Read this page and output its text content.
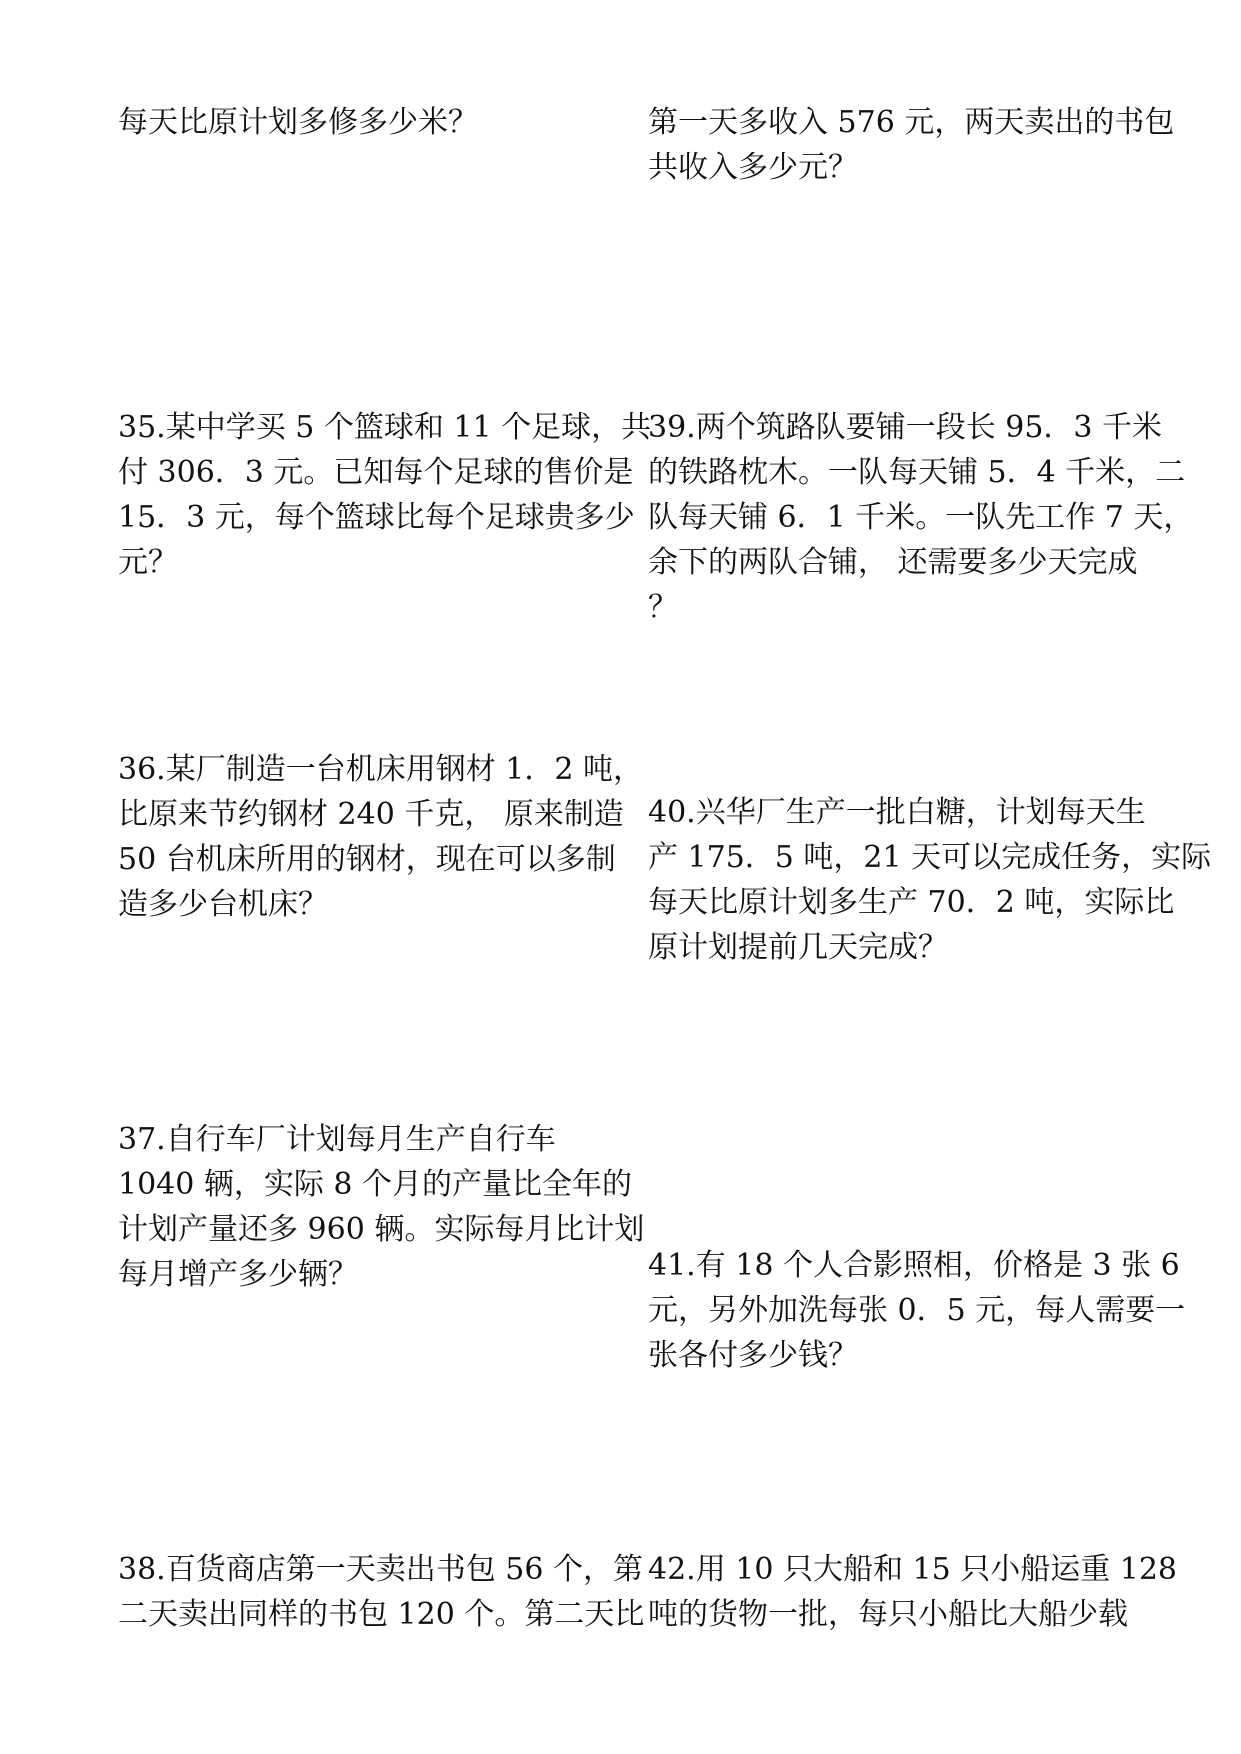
每天比原计划多修多少米？
35.某中学买 5 个篮球和 11 个足球，共
付 306．3 元。已知每个足球的售价是
15．3 元，每个篮球比每个足球贵多少
元？
36.某厂制造一台机床用钢材 1．2 吨，
比原来节约钢材 240 千克， 原来制造
50 台机床所用的钢材，现在可以多制
造多少台机床？
37.自行车厂计划每月生产自行车
1040 辆，实际 8 个月的产量比全年的
计划产量还多 960 辆。实际每月比计划
每月增产多少辆？
38.百货商店第一天卖出书包 56 个，第
二天卖出同样的书包 120 个。第二天比
第一天多收入 576 元，两天卖出的书包
共收入多少元？
39.两个筑路队要铺一段长 95．3 千米
的铁路枕木。一队每天铺 5．4 千米，二
队每天铺 6．1 千米。一队先工作 7 天，
余下的两队合铺， 还需要多少天完成
？
40.兴华厂生产一批白糖，计划每天生
产 175．5 吨，21 天可以完成任务，实际
每天比原计划多生产 70．2 吨，实际比
原计划提前几天完成？
41.有 18 个人合影照相，价格是 3 张 6
元，另外加洗每张 0．5 元，每人需要一
张各付多少钱？
42.用 10 只大船和 15 只小船运重 128
吨的货物一批，每只小船比大船少载
